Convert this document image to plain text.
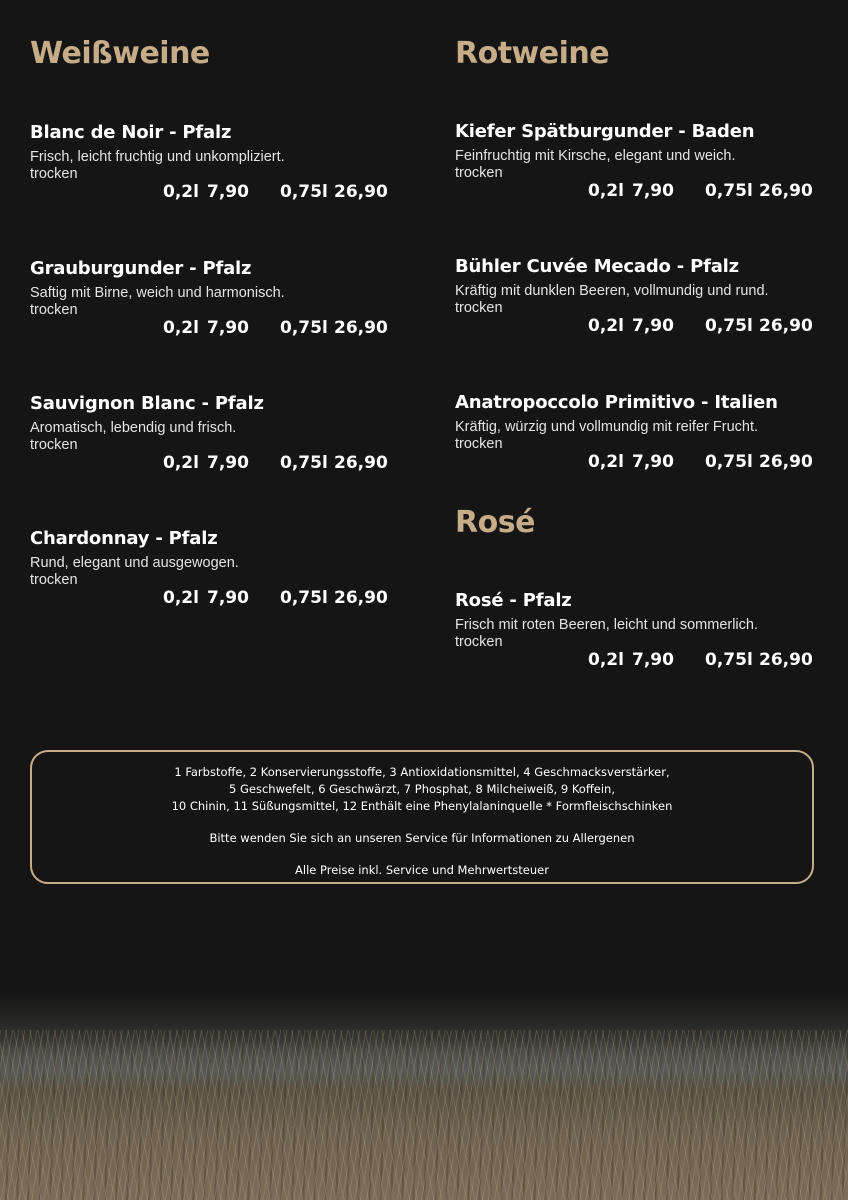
Weißweine
Blanc de Noir - Pfalz
Frisch, leicht fruchtig und unkompliziert.
trocken
0,2l 7,90 0,75l 26,90
Grauburgunder - Pfalz
Saftig mit Birne, weich und harmonisch.
trocken
0,2l 7,90 0,75l 26,90
Sauvignon Blanc - Pfalz
Aromatisch, lebendig und frisch.
trocken
0,2l 7,90 0,75l 26,90
Chardonnay - Pfalz
Rund, elegant und ausgewogen.
trocken
0,2l 7,90 0,75l 26,90
Rotweine
Kiefer Spätburgunder - Baden
Feinfruchtig mit Kirsche, elegant und weich.
trocken
0,2l 7,90 0,75l 26,90
Bühler Cuvée Mecado - Pfalz
Kräftig mit dunklen Beeren, vollmundig und rund.
trocken
0,2l 7,90 0,75l 26,90
Anatropoccolo Primitivo - Italien
Kräftig, würzig und vollmundig mit reifer Frucht.
trocken
0,2l 7,90 0,75l 26,90
Rosé
Rosé - Pfalz
Frisch mit roten Beeren, leicht und sommerlich.
trocken
0,2l 7,90 0,75l 26,90
1 Farbstoffe, 2 Konservierungsstoffe, 3 Antioxidationsmittel, 4 Geschmacksverstärker,
5 Geschwefelt, 6 Geschwärzt, 7 Phosphat, 8 Milcheiweiß, 9 Koffein,
10 Chinin, 11 Süßungsmittel, 12 Enthält eine Phenylalaninquelle * Formfleischschinken
Bitte wenden Sie sich an unseren Service für Informationen zu Allergenen
Alle Preise inkl. Service und Mehrwertsteuer
